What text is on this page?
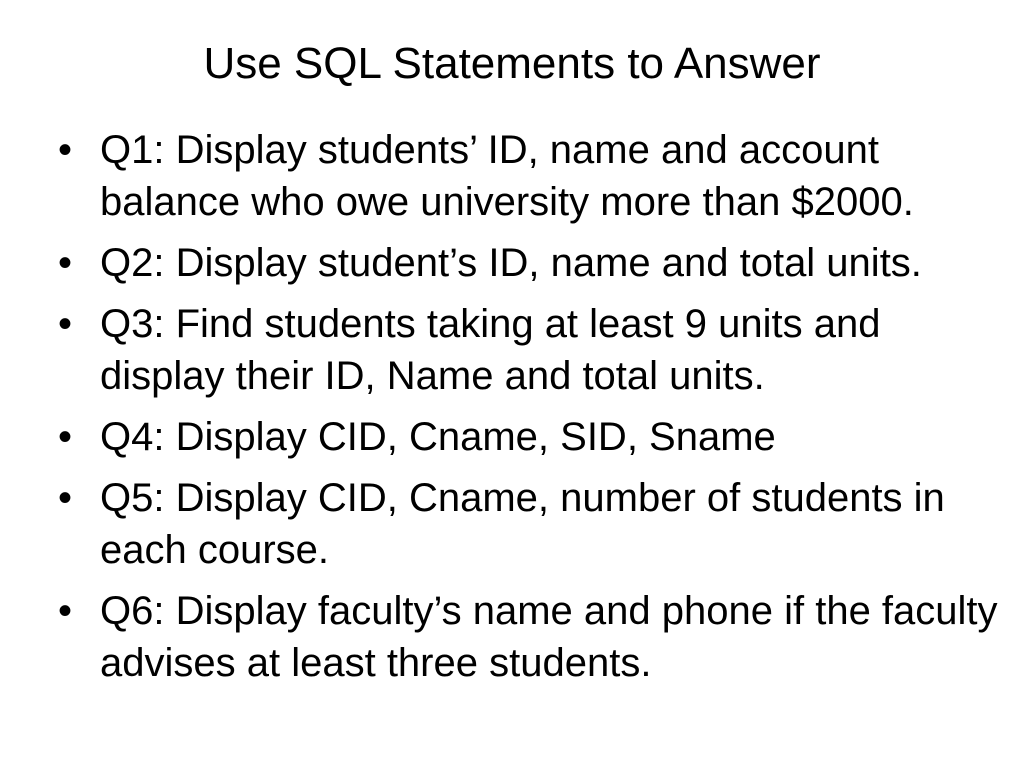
Use SQL Statements to Answer
• Q1: Display students’ ID, name and account balance who owe university more than $2000.
• Q2: Display student’s ID, name and total units.
• Q3: Find students taking at least 9 units and display their ID, Name and total units.
• Q4: Display CID, Cname, SID, Sname
• Q5: Display CID, Cname, number of students in each course.
• Q6: Display faculty’s name and phone if the faculty advises at least three students.
